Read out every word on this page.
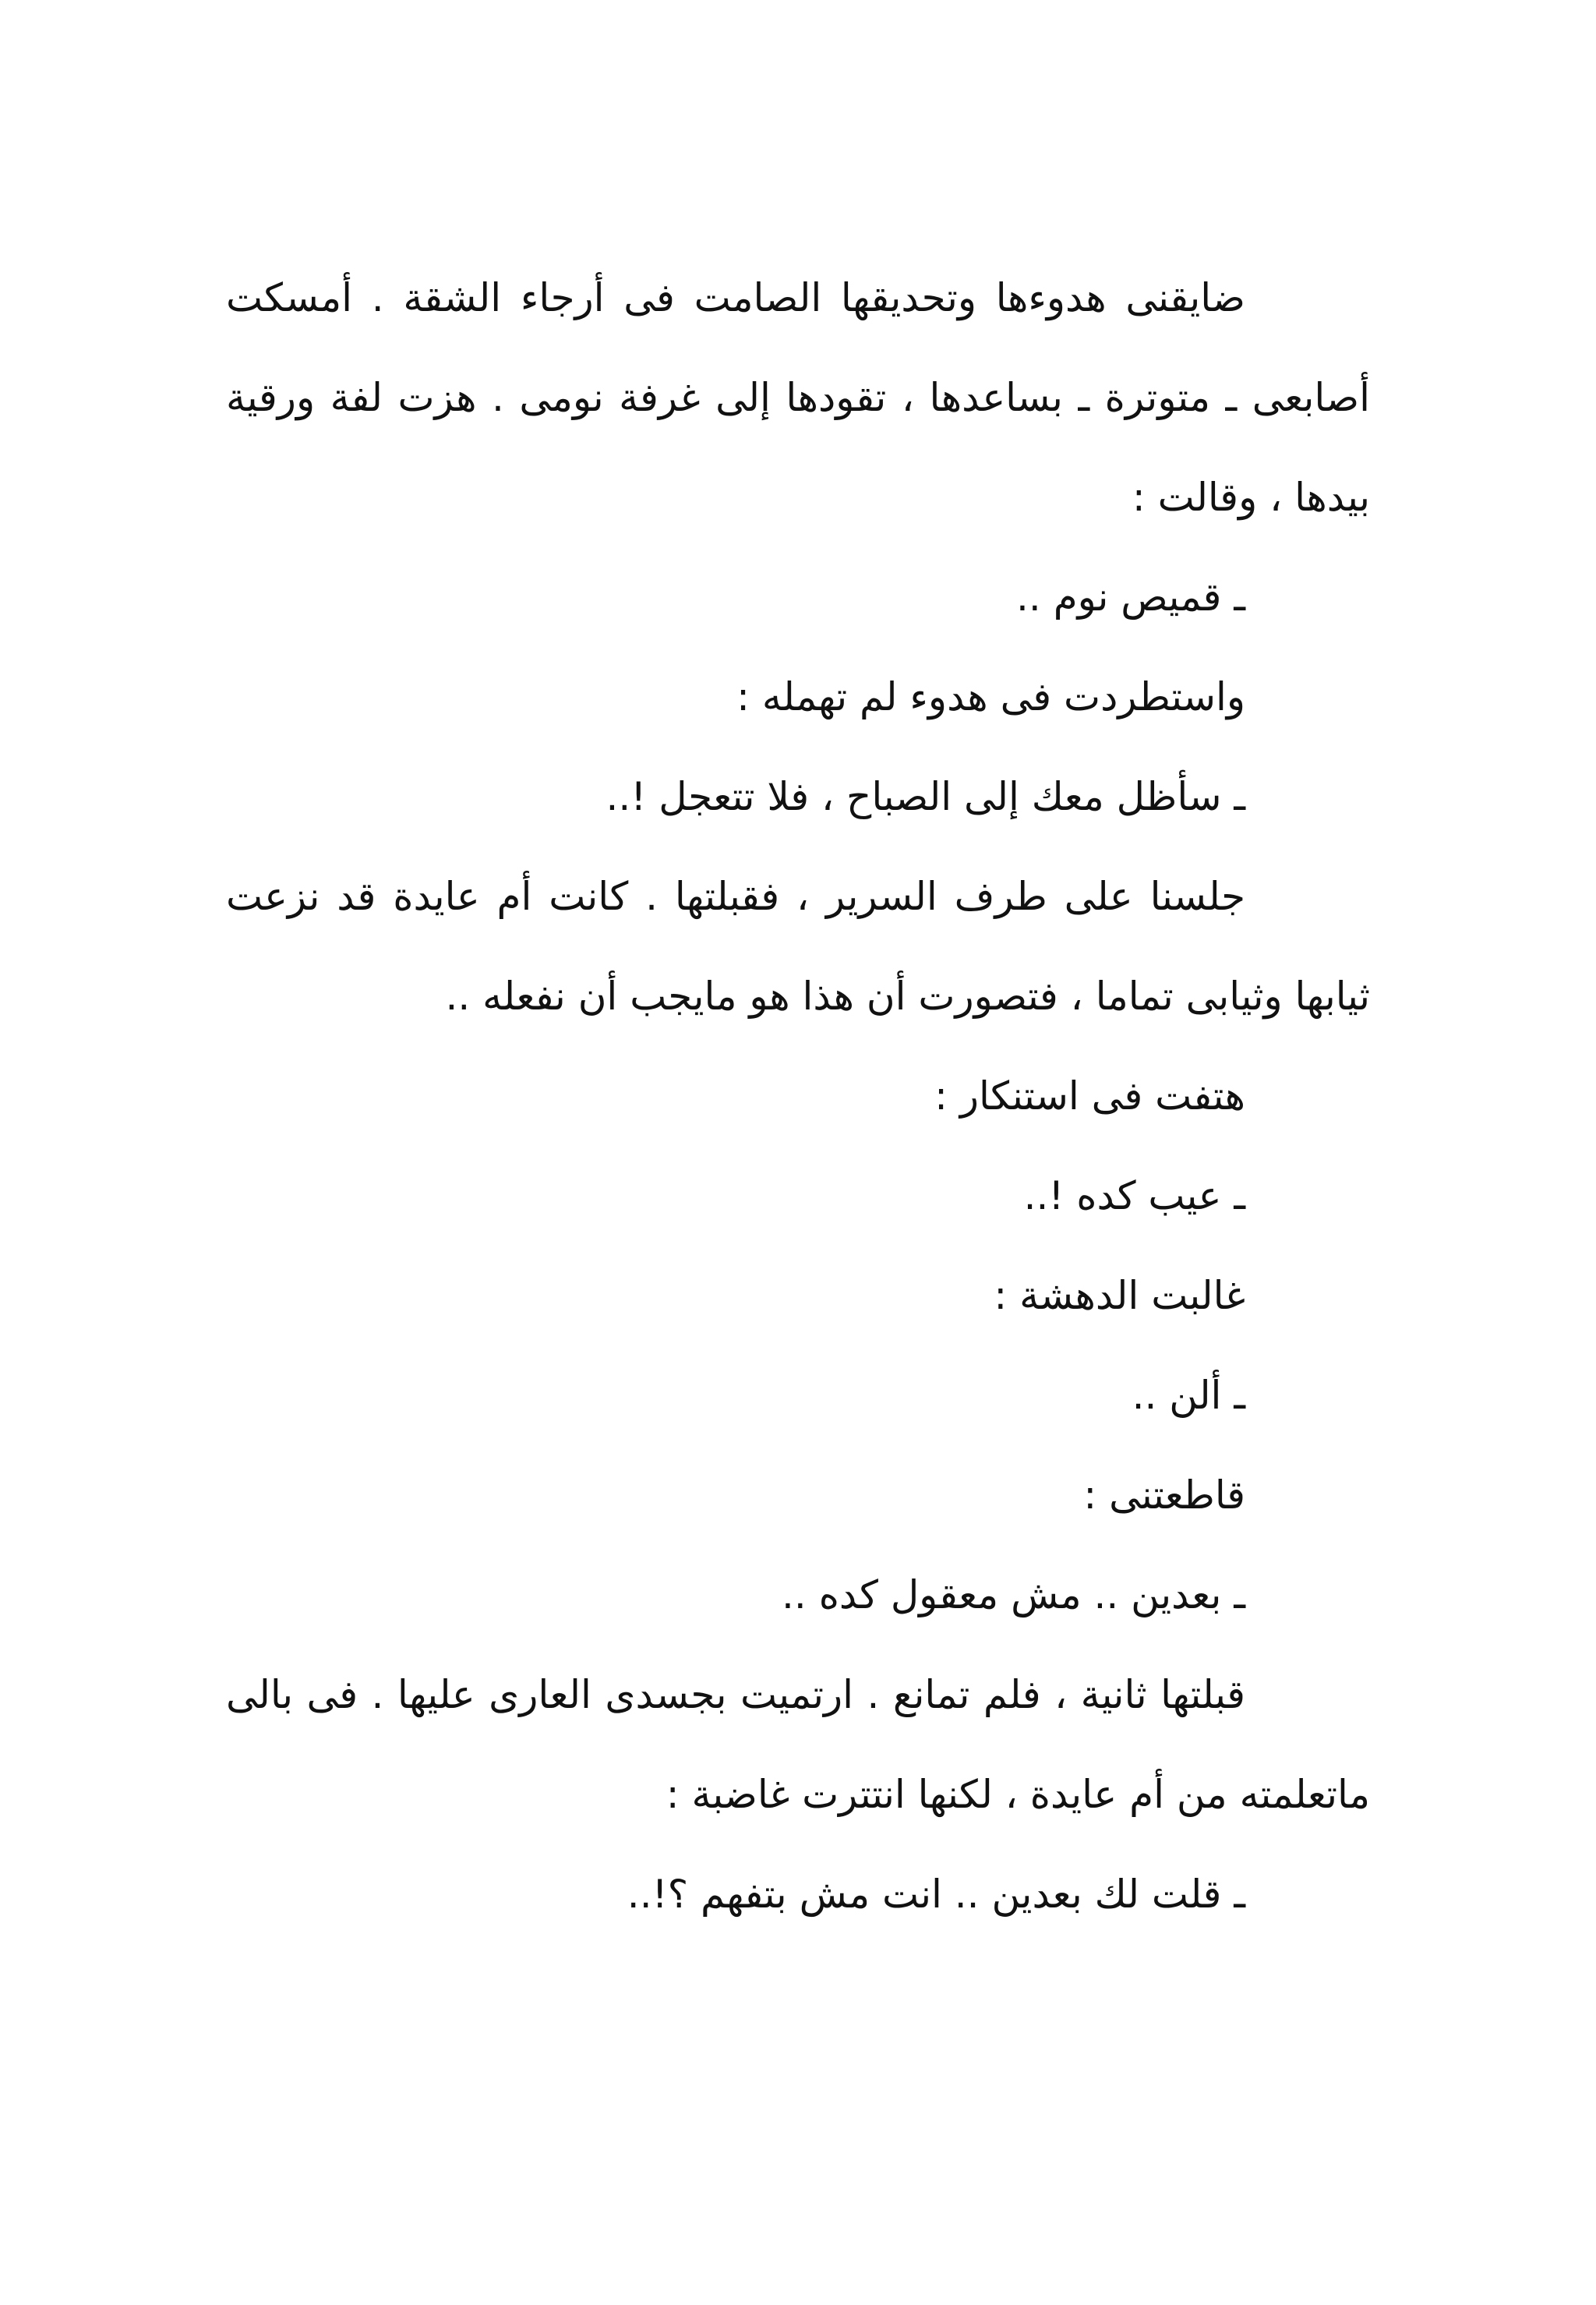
ضايقنى هدوءها وتحديقها الصامت فى أرجاء الشقة . أمسكت أصابعى ـ متوترة ـ بساعدها ، تقودها إلى غرفة نومى . هزت لفة ورقية بيدها ، وقالت :

ـ قميص نوم ..

واستطردت فى هدوء لم تهمله :

ـ سأظل معك إلى الصباح ، فلا تتعجل !..

جلسنا على طرف السرير ، فقبلتها . كانت أم عايدة قد نزعت ثيابها وثيابى تماما ، فتصورت أن هذا هو مايجب أن نفعله ..

هتفت فى استنكار :

ـ عيب كده !..

غالبت الدهشة :

ـ ألن ..

قاطعتنى :

ـ بعدين .. مش معقول كده ..

قبلتها ثانية ، فلم تمانع . ارتميت بجسدى العارى عليها . فى بالى ماتعلمته من أم عايدة ، لكنها انتترت غاضبة :

ـ قلت لك بعدين .. انت مش بتفهم ؟!..
